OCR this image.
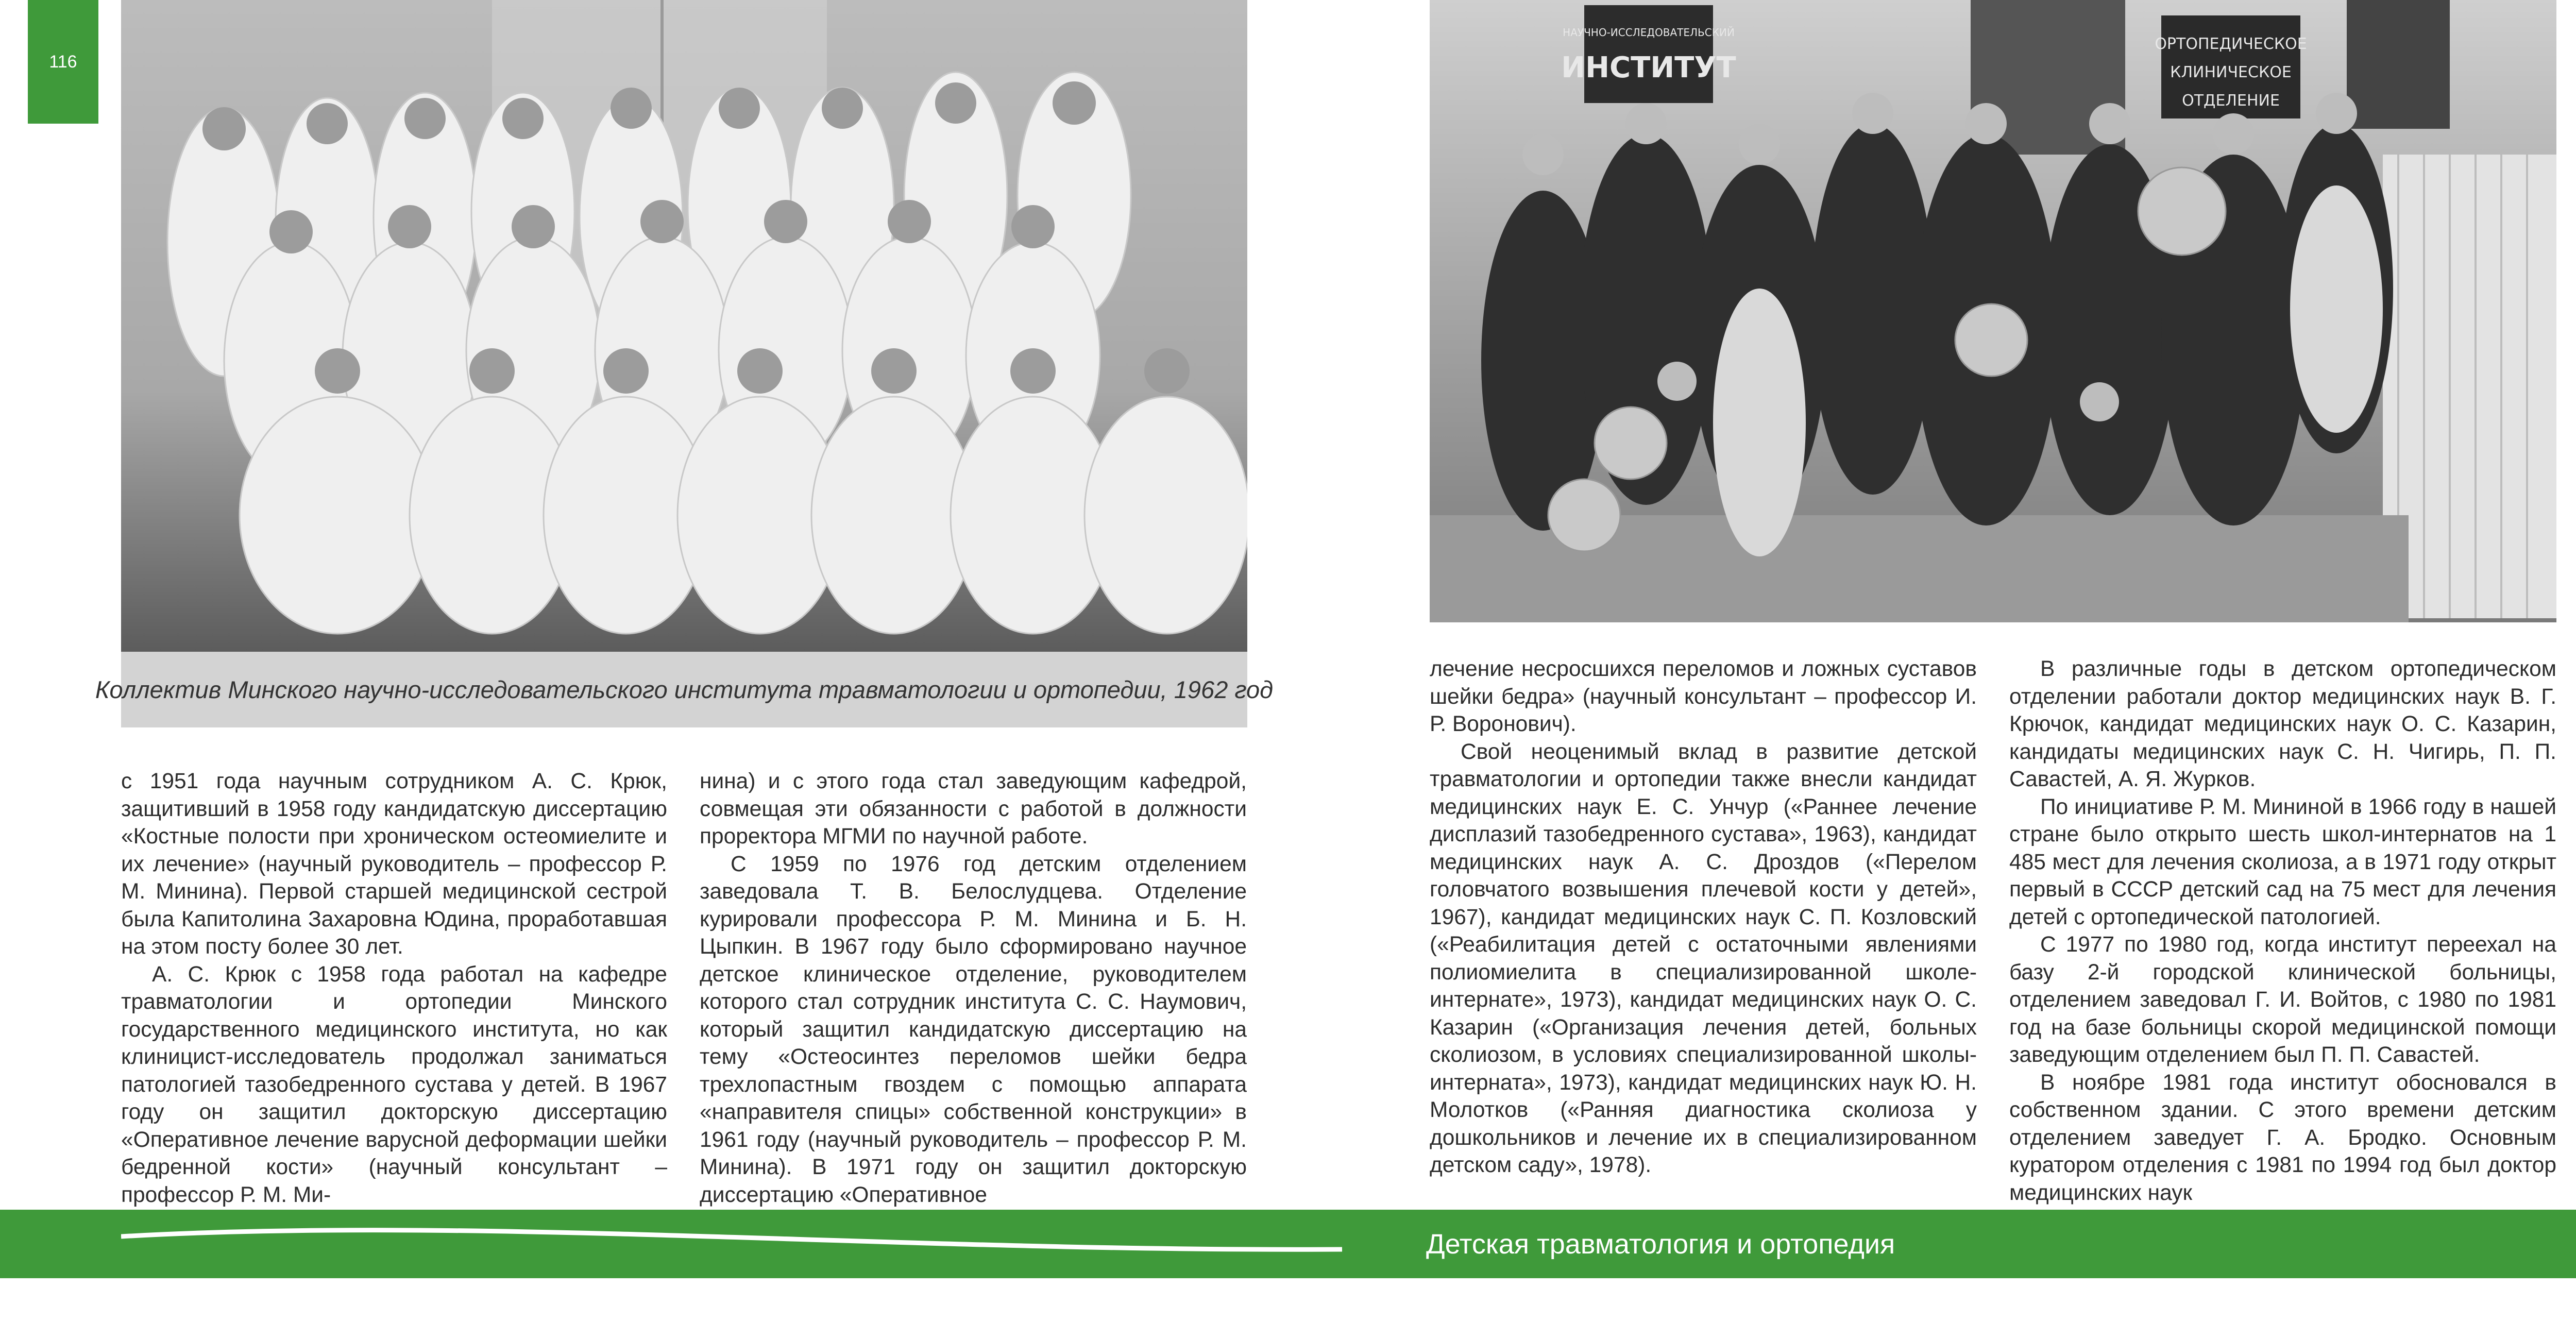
116
НАУЧНО-ИССЛЕДОВАТЕЛЬСКИЙ
ИНСТИТУТ
ОРТОПЕДИЧЕСКОЕ
КЛИНИЧЕСКОЕ
ОТДЕЛЕНИЕ
Коллектив Минского научно-исследовательского института травматологии и ортопедии, 1962 год

с 1951 года научным сотрудником А. С. Крюк, защитивший в 1958 году кандидатскую диссертацию «Костные полости при хроническом остеомиелите и их лечение» (научный руководитель – профессор Р. М. Минина). Первой старшей медицинской сестрой была Капитолина Захаровна Юдина, проработавшая на этом посту более 30 лет.

А. С. Крюк с 1958 года работал на кафедре травматологии и ортопедии Минского государственного медицинского института, но как клиницист-исследователь продолжал заниматься патологией тазобедренного сустава у детей. В 1967 году он защитил докторскую диссертацию «Оперативное лечение варусной деформации шейки бедренной кости» (научный консультант – профессор Р. М. Ми-

нина) и с этого года стал заведующим кафедрой, совмещая эти обязанности с работой в должности проректора МГМИ по научной работе.

С 1959 по 1976 год детским отделением заведовала Т. В. Белослудцева. Отделение курировали профессора Р. М. Минина и Б. Н. Цыпкин. В 1967 году было сформировано научное детское клиническое отделение, руководителем которого стал сотрудник института С. С. Наумович, который защитил кандидатскую диссертацию на тему «Остеосинтез переломов шейки бедра трехлопастным гвоздем с помощью аппарата «направителя спицы» собственной конструкции» в 1961 году (научный руководитель – профессор Р. М. Минина). В 1971 году он защитил докторскую диссертацию «Оперативное

лечение несросшихся переломов и ложных суставов шейки бедра» (научный консультант – профессор И. Р. Воронович).

Свой неоценимый вклад в развитие детской травматологии и ортопедии также внесли кандидат медицинских наук Е. С. Унчур («Раннее лечение дисплазий тазобедренного сустава», 1963), кандидат медицинских наук А. С. Дроздов («Перелом головчатого возвышения плечевой кости у детей», 1967), кандидат медицинских наук С. П. Козловский («Реабилитация детей с остаточными явлениями полиомиелита в специализированной школе-интернате», 1973), кандидат медицинских наук О. С. Казарин («Организация лечения детей, больных сколиозом, в условиях специализированной школы-интерната», 1973), кандидат медицинских наук Ю. Н. Молотков («Ранняя диагностика сколиоза у дошкольников и лечение их в специализированном детском саду», 1978).

В различные годы в детском ортопедическом отделении работали доктор медицинских наук В. Г. Крючок, кандидат медицинских наук О. С. Казарин, кандидаты медицинских наук С. Н. Чигирь, П. П. Савастей, А. Я. Журков.

По инициативе Р. М. Мининой в 1966 году в нашей стране было открыто шесть школ-интернатов на 1 485 мест для лечения сколиоза, а в 1971 году открыт первый в СССР детский сад на 75 мест для лечения детей с ортопедической патологией.

С 1977 по 1980 год, когда институт переехал на базу 2-й городской клинической больницы, отделением заведовал Г. И. Войтов, с 1980 по 1981 год на базе больницы скорой медицинской помощи заведующим отделением был П. П. Савастей.

В ноябре 1981 года институт обосновался в собственном здании. С этого времени детским отделением заведует Г. А. Бродко. Основным куратором отделения с 1981 по 1994 год был доктор медицинских наук

Детская травматология и ортопедия
